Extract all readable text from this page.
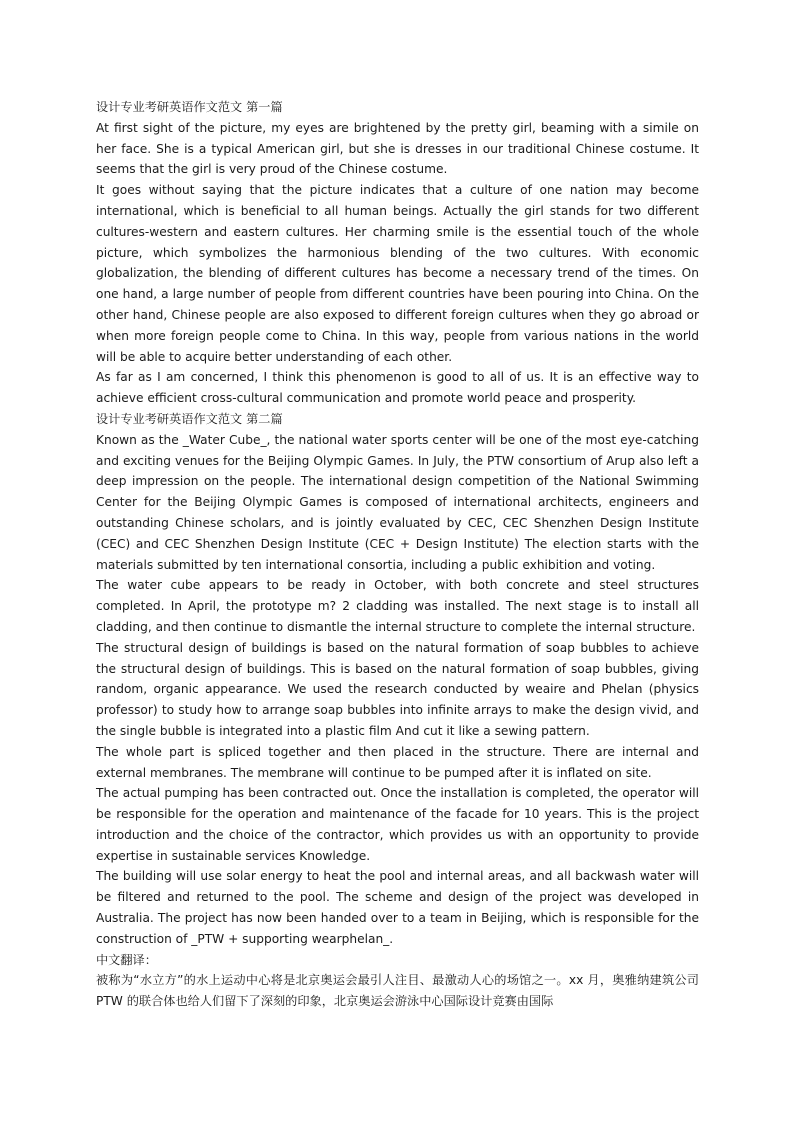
设计专业考研英语作文范文 第一篇

At first sight of the picture, my eyes are brightened by the pretty girl, beaming with a simile on her face. She is a typical American girl, but she is dresses in our traditional Chinese costume. It seems that the girl is very proud of the Chinese costume.

It goes without saying that the picture indicates that a culture of one nation may become international, which is beneficial to all human beings. Actually the girl stands for two different cultures-western and eastern cultures. Her charming smile is the essential touch of the whole picture, which symbolizes the harmonious blending of the two cultures. With economic globalization, the blending of different cultures has become a necessary trend of the times. On one hand, a large number of people from different countries have been pouring into China. On the other hand, Chinese people are also exposed to different foreign cultures when they go abroad or when more foreign people come to China. In this way, people from various nations in the world will be able to acquire better understanding of each other.

As far as I am concerned, I think this phenomenon is good to all of us. It is an effective way to achieve efficient cross-cultural communication and promote world peace and prosperity.

设计专业考研英语作文范文 第二篇

Known as the _Water Cube_, the national water sports center will be one of the most eye-catching and exciting venues for the Beijing Olympic Games. In July, the PTW consortium of Arup also left a deep impression on the people. The international design competition of the National Swimming Center for the Beijing Olympic Games is composed of international architects, engineers and outstanding Chinese scholars, and is jointly evaluated by CEC, CEC Shenzhen Design Institute (CEC) and CEC Shenzhen Design Institute (CEC + Design Institute) The election starts with the materials submitted by ten international consortia, including a public exhibition and voting.

The water cube appears to be ready in October, with both concrete and steel structures completed. In April, the prototype m? 2 cladding was installed. The next stage is to install all cladding, and then continue to dismantle the internal structure to complete the internal structure.

The structural design of buildings is based on the natural formation of soap bubbles to achieve the structural design of buildings. This is based on the natural formation of soap bubbles, giving random, organic appearance. We used the research conducted by weaire and Phelan (physics professor) to study how to arrange soap bubbles into infinite arrays to make the design vivid, and the single bubble is integrated into a plastic film And cut it like a sewing pattern.

The whole part is spliced together and then placed in the structure. There are internal and external membranes. The membrane will continue to be pumped after it is inflated on site.

The actual pumping has been contracted out. Once the installation is completed, the operator will be responsible for the operation and maintenance of the facade for 10 years. This is the project introduction and the choice of the contractor, which provides us with an opportunity to provide expertise in sustainable services Knowledge.

The building will use solar energy to heat the pool and internal areas, and all backwash water will be filtered and returned to the pool. The scheme and design of the project was developed in Australia. The project has now been handed over to a team in Beijing, which is responsible for the construction of _PTW + supporting wearphelan_.

中文翻译：

被称为“水立方”的水上运动中心将是北京奥运会最引人注目、最激动人心的场馆之一。xx 月，奥雅纳建筑公司 PTW 的联合体也给人们留下了深刻的印象，北京奥运会游泳中心国际设计竞赛由国际
